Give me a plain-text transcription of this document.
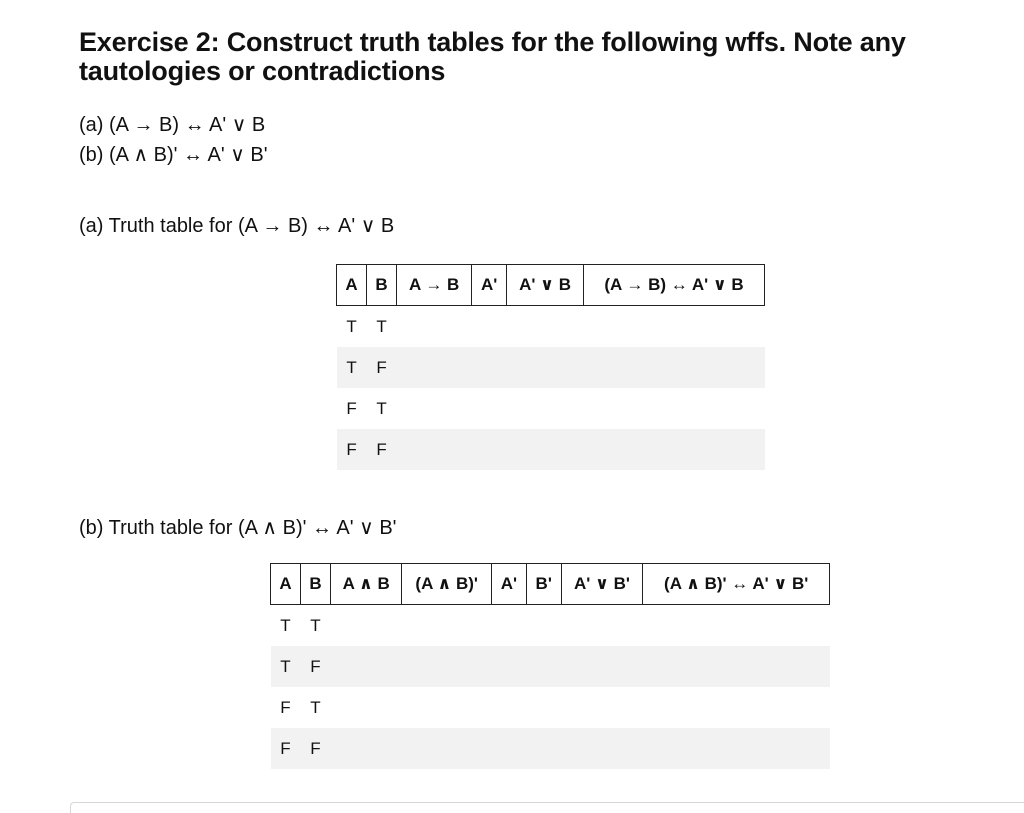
Exercise 2: Construct truth tables for the following wffs. Note any tautologies or contradictions
(a) (A → B) ↔ A' ∨ B
(b) (A ∧ B)' ↔ A' ∨ B'

(a) Truth table for (A → B) ↔ A' ∨ B

A	B	A → B	A'	A' ∨ B	(A → B) ↔ A' ∨ B
T	T				
T	F				
F	T				
F	F				

(b) Truth table for (A ∧ B)' ↔ A' ∨ B'

A	B	A ∧ B	(A ∧ B)'	A'	B'	A' ∨ B'	(A ∧ B)' ↔ A' ∨ B'
T	T						
T	F						
F	T						
F	F						
